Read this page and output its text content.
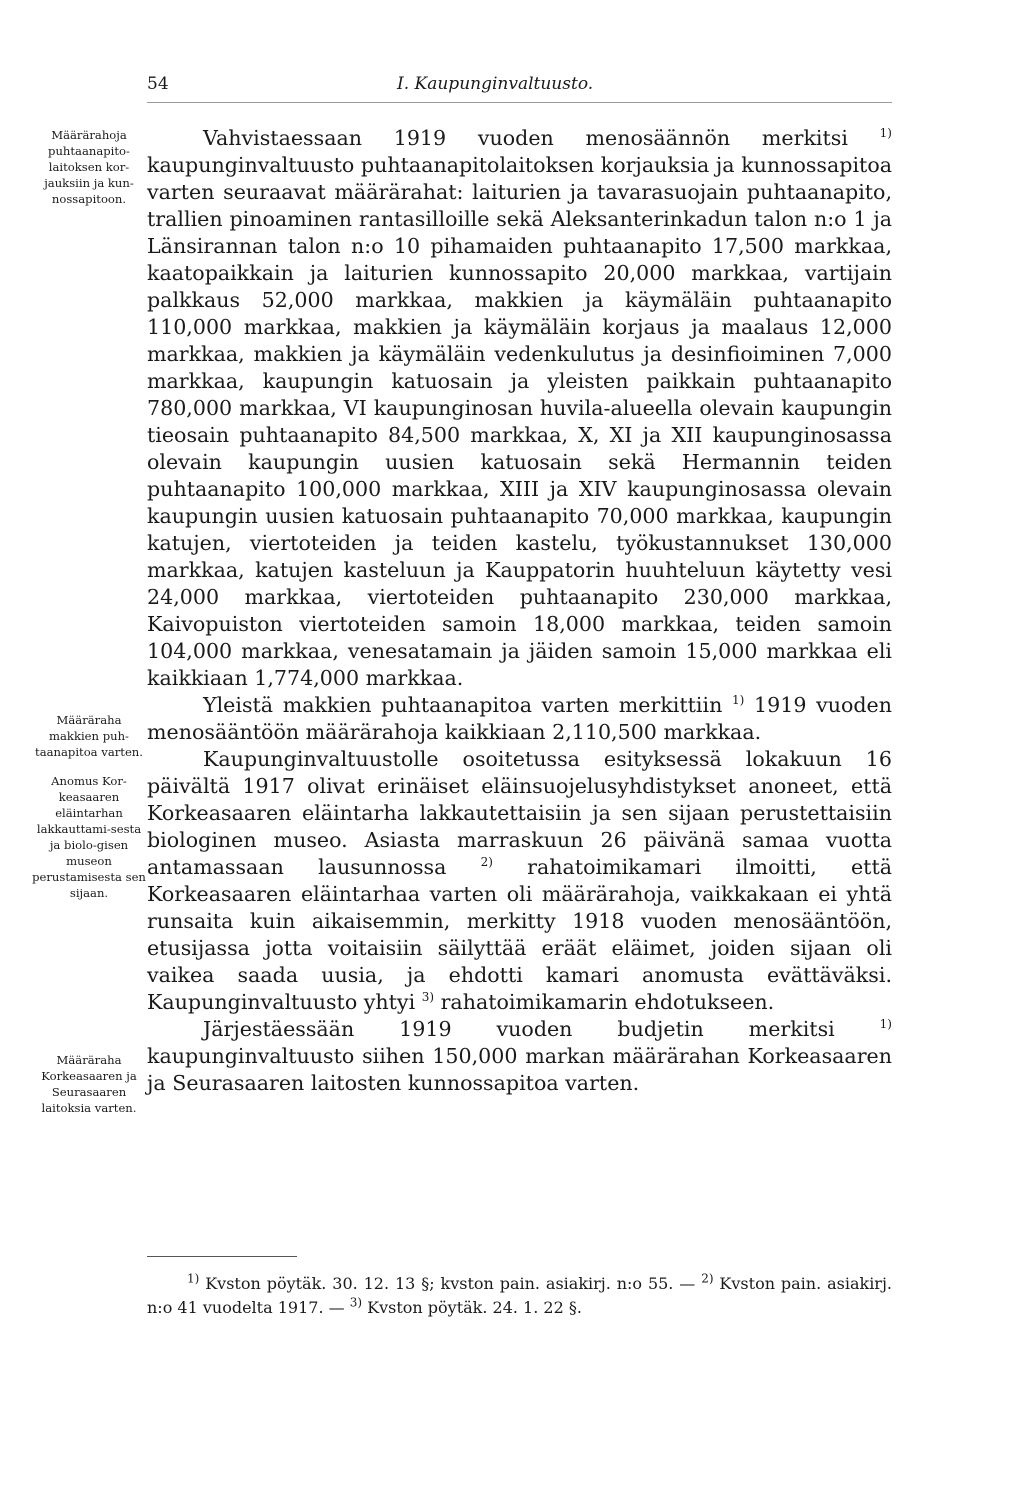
54	I. Kaupunginvaltuusto.
Määrärahoja puhtaanapito-laitoksen kor-jauksiin ja kun-nossapitoon.
Määräraha makkien puh-taanapitoa varten.
Anomus Kor-keasaaren eläintarhan lakkauttami-sesta ja biolo-gisen museon perustamisesta sen sijaan.
Määräraha Korkeasaaren ja Seurasaaren laitoksia varten.

Vahvistaessaan 1919 vuoden menosäännön merkitsi $^{1)}$ kaupunginvaltuusto puhtaanapitolaitoksen korjauksia ja kunnossapitoa varten seuraavat määrärahat: laiturien ja tavarasuojain puhtaanapito, trallien pinoaminen rantasilloille sekä Aleksanterinkadun talon n:o 1 ja Länsirannan talon n:o 10 pihamaiden puhtaanapito 17,500 markkaa, kaatopaikkain ja laiturien kunnossapito 20,000 markkaa, vartijain palkkaus 52,000 markkaa, makkien ja käymäläin puhtaanapito 110,000 markkaa, makkien ja käymäläin korjaus ja maalaus 12,000 markkaa, makkien ja käymäläin vedenkulutus ja desinfioiminen 7,000 markkaa, kaupungin katuosain ja yleisten paikkain puhtaanapito 780,000 markkaa, VI kaupunginosan huvila-alueella olevain kaupungin tieosain puhtaanapito 84,500 markkaa, X, XI ja XII kaupunginosassa olevain kaupungin uusien katuosain sekä Hermannin teiden puhtaanapito 100,000 markkaa, XIII ja XIV kaupunginosassa olevain kaupungin uusien katuosain puhtaanapito 70,000 markkaa, kaupungin katujen, viertoteiden ja teiden kastelu, työkustannukset 130,000 markkaa, katujen kasteluun ja Kauppatorin huuhteluun käytetty vesi 24,000 markkaa, viertoteiden puhtaanapito 230,000 markkaa, Kaivopuiston viertoteiden samoin 18,000 markkaa, teiden samoin 104,000 markkaa, venesatamain ja jäiden samoin 15,000 markkaa eli kaikkiaan 1,774,000 markkaa.

Yleistä makkien puhtaanapitoa varten merkittiin $^{1)}$ 1919 vuoden menosääntöön määrärahoja kaikkiaan 2,110,500 markkaa.

Kaupunginvaltuustolle osoitetussa esityksessä lokakuun 16 päivältä 1917 olivat erinäiset eläinsuojelusyhdistykset anoneet, että Korkeasaaren eläintarha lakkautettaisiin ja sen sijaan perustettaisiin biologinen museo. Asiasta marraskuun 26 päivänä samaa vuotta antamassaan lausunnossa $^{2)}$ rahatoimikamari ilmoitti, että Korkeasaaren eläintarhaa varten oli määrärahoja, vaikkakaan ei yhtä runsaita kuin aikaisemmin, merkitty 1918 vuoden menosääntöön, etusijassa jotta voitaisiin säilyttää eräät eläimet, joiden sijaan oli vaikea saada uusia, ja ehdotti kamari anomusta evättäväksi. Kaupunginvaltuusto yhtyi $^{3)}$ rahatoimikamarin ehdotukseen.

Järjestäessään 1919 vuoden budjetin merkitsi $^{1)}$ kaupunginvaltuusto siihen 150,000 markan määrärahan Korkeasaaren ja Seurasaaren laitosten kunnossapitoa varten.

$^{1)}$ Kvston pöytäk. 30. 12. 13 §; kvston pain. asiakirj. n:o 55. — $^{2)}$ Kvston pain. asiakirj. n:o 41 vuodelta 1917. — $^{3)}$ Kvston pöytäk. 24. 1. 22 §.
